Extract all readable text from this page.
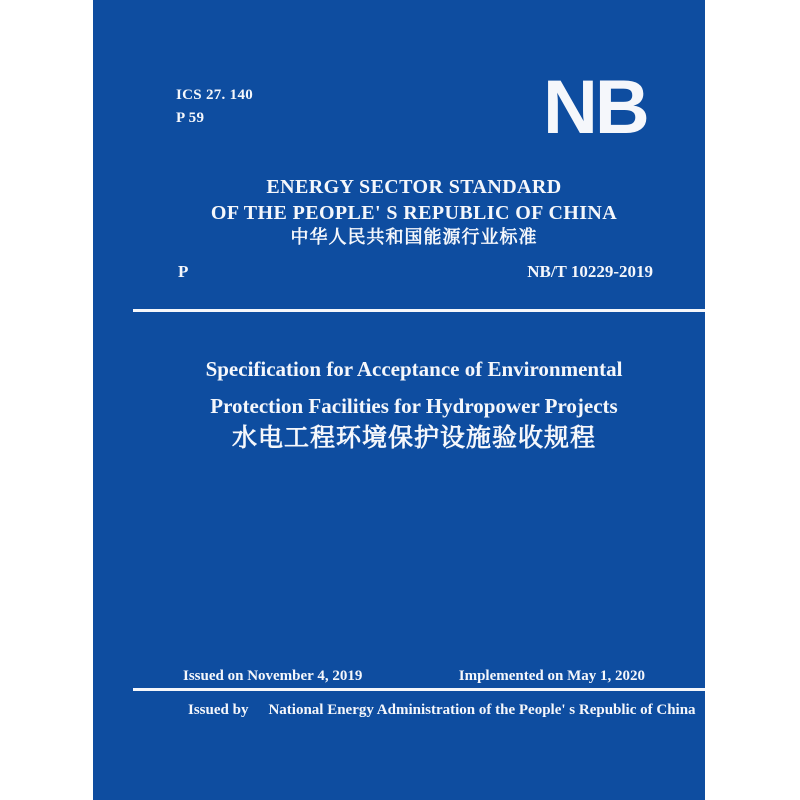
ICS 27. 140
P 59	NB
ENERGY SECTOR STANDARD
OF THE PEOPLE' S REPUBLIC OF CHINA
中华人民共和国能源行业标准
P	NB/T 10229-2019
Specification for Acceptance of Environmental
Protection Facilities for Hydropower Projects
水电工程环境保护设施验收规程
Issued on November 4, 2019	Implemented on May 1, 2020
Issued by National Energy Administration of the People' s Republic of China
